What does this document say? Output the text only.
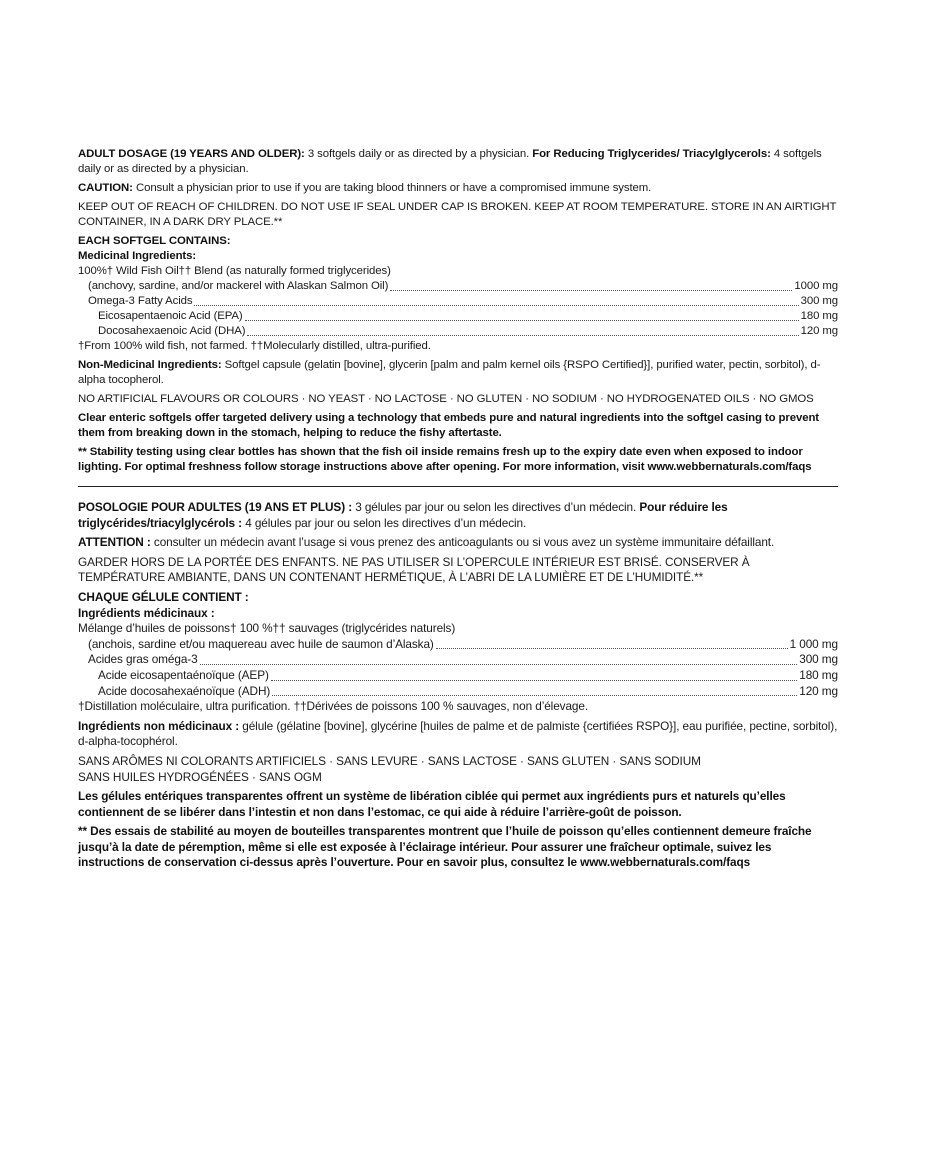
ADULT DOSAGE (19 YEARS AND OLDER): 3 softgels daily or as directed by a physician. For Reducing Triglycerides/ Triacylglycerols: 4 softgels daily or as directed by a physician.

CAUTION: Consult a physician prior to use if you are taking blood thinners or have a compromised immune system.

KEEP OUT OF REACH OF CHILDREN. DO NOT USE IF SEAL UNDER CAP IS BROKEN. KEEP AT ROOM TEMPERATURE. STORE IN AN AIRTIGHT CONTAINER, IN A DARK DRY PLACE.**

EACH SOFTGEL CONTAINS:
Medicinal Ingredients:
100%† Wild Fish Oil†† Blend (as naturally formed triglycerides)
(anchovy, sardine, and/or mackerel with Alaskan Salmon Oil)	1000 mg
Omega-3 Fatty Acids	300 mg
Eicosapentaenoic Acid (EPA)	180 mg
Docosahexaenoic Acid (DHA)	120 mg

†From 100% wild fish, not farmed. ††Molecularly distilled, ultra-purified.

Non-Medicinal Ingredients: Softgel capsule (gelatin [bovine], glycerin [palm and palm kernel oils {RSPO Certified}], purified water, pectin, sorbitol), d-alpha tocopherol.

NO ARTIFICIAL FLAVOURS OR COLOURS · NO YEAST · NO LACTOSE · NO GLUTEN · NO SODIUM · NO HYDROGENATED OILS · NO GMOS

Clear enteric softgels offer targeted delivery using a technology that embeds pure and natural ingredients into the softgel casing to prevent them from breaking down in the stomach, helping to reduce the fishy aftertaste.

** Stability testing using clear bottles has shown that the fish oil inside remains fresh up to the expiry date even when exposed to indoor lighting. For optimal freshness follow storage instructions above after opening. For more information, visit www.webbernaturals.com/faqs

POSOLOGIE POUR ADULTES (19 ANS ET PLUS) : 3 gélules par jour ou selon les directives d’un médecin. Pour réduire les triglycérides/triacylglycérols : 4 gélules par jour ou selon les directives d’un médecin.

ATTENTION : consulter un médecin avant l’usage si vous prenez des anticoagulants ou si vous avez un système immunitaire défaillant.

GARDER HORS DE LA PORTÉE DES ENFANTS. NE PAS UTILISER SI L’OPERCULE INTÉRIEUR EST BRISÉ. CONSERVER À TEMPÉRATURE AMBIANTE, DANS UN CONTENANT HERMÉTIQUE, À L’ABRI DE LA LUMIÈRE ET DE L’HUMIDITÉ.**

CHAQUE GÉLULE CONTIENT :
Ingrédients médicinaux :
Mélange d’huiles de poissons† 100 %†† sauvages (triglycérides naturels)
(anchois, sardine et/ou maquereau avec huile de saumon d’Alaska)	1 000 mg
Acides gras oméga-3	300 mg
Acide eicosapentaénoïque (AEP)	180 mg
Acide docosahexaénoïque (ADH)	120 mg

†Distillation moléculaire, ultra purification. ††Dérivées de poissons 100 % sauvages, non d’élevage.

Ingrédients non médicinaux : gélule (gélatine [bovine], glycérine [huiles de palme et de palmiste {certifiées RSPO}], eau purifiée, pectine, sorbitol), d-alpha-tocophérol.

SANS ARÔMES NI COLORANTS ARTIFICIELS · SANS LEVURE · SANS LACTOSE · SANS GLUTEN · SANS SODIUM
SANS HUILES HYDROGÉNÉES · SANS OGM

Les gélules entériques transparentes offrent un système de libération ciblée qui permet aux ingrédients purs et naturels qu’elles contiennent de se libérer dans l’intestin et non dans l’estomac, ce qui aide à réduire l’arrière-goût de poisson.

** Des essais de stabilité au moyen de bouteilles transparentes montrent que l’huile de poisson qu’elles contiennent demeure fraîche jusqu’à la date de péremption, même si elle est exposée à l’éclairage intérieur. Pour assurer une fraîcheur optimale, suivez les instructions de conservation ci-dessus après l’ouverture. Pour en savoir plus, consultez le www.webbernaturals.com/faqs
